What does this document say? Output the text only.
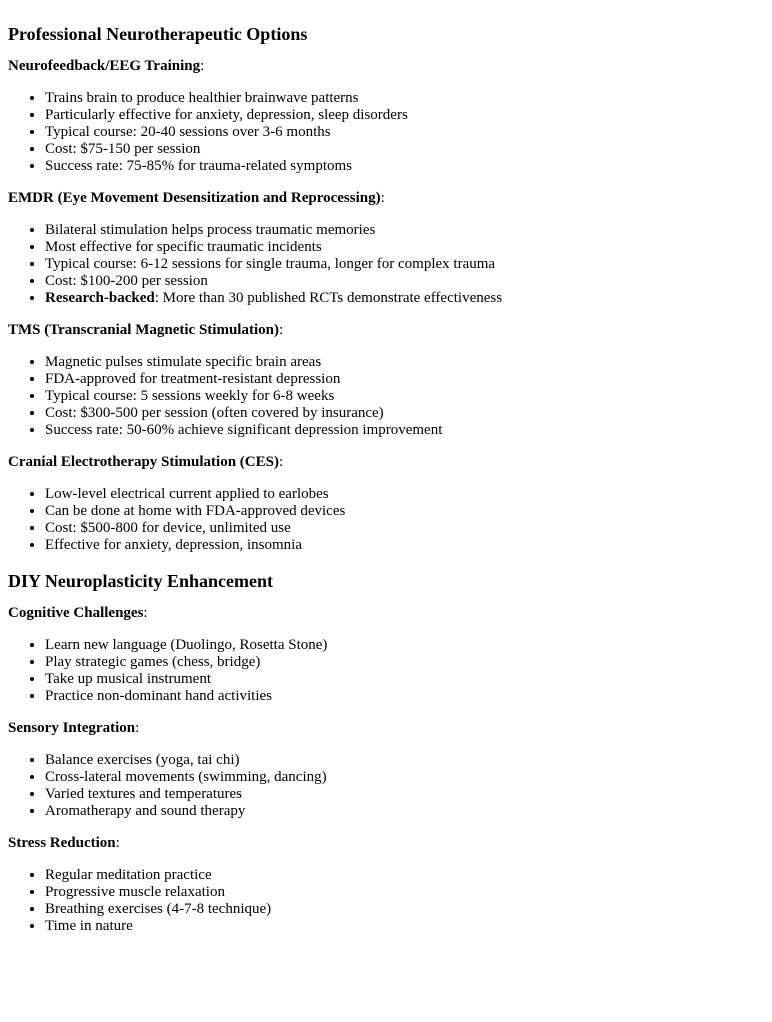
Professional Neurotherapeutic Options

Neurofeedback/EEG Training:

• Trains brain to produce healthier brainwave patterns
• Particularly effective for anxiety, depression, sleep disorders
• Typical course: 20-40 sessions over 3-6 months
• Cost: $75-150 per session
• Success rate: 75-85% for trauma-related symptoms

EMDR (Eye Movement Desensitization and Reprocessing):

• Bilateral stimulation helps process traumatic memories
• Most effective for specific traumatic incidents
• Typical course: 6-12 sessions for single trauma, longer for complex trauma
• Cost: $100-200 per session
• Research-backed: More than 30 published RCTs demonstrate effectiveness

TMS (Transcranial Magnetic Stimulation):

• Magnetic pulses stimulate specific brain areas
• FDA-approved for treatment-resistant depression
• Typical course: 5 sessions weekly for 6-8 weeks
• Cost: $300-500 per session (often covered by insurance)
• Success rate: 50-60% achieve significant depression improvement

Cranial Electrotherapy Stimulation (CES):

• Low-level electrical current applied to earlobes
• Can be done at home with FDA-approved devices
• Cost: $500-800 for device, unlimited use
• Effective for anxiety, depression, insomnia
DIY Neuroplasticity Enhancement

Cognitive Challenges:

• Learn new language (Duolingo, Rosetta Stone)
• Play strategic games (chess, bridge)
• Take up musical instrument
• Practice non-dominant hand activities

Sensory Integration:

• Balance exercises (yoga, tai chi)
• Cross-lateral movements (swimming, dancing)
• Varied textures and temperatures
• Aromatherapy and sound therapy

Stress Reduction:

• Regular meditation practice
• Progressive muscle relaxation
• Breathing exercises (4-7-8 technique)
• Time in nature
